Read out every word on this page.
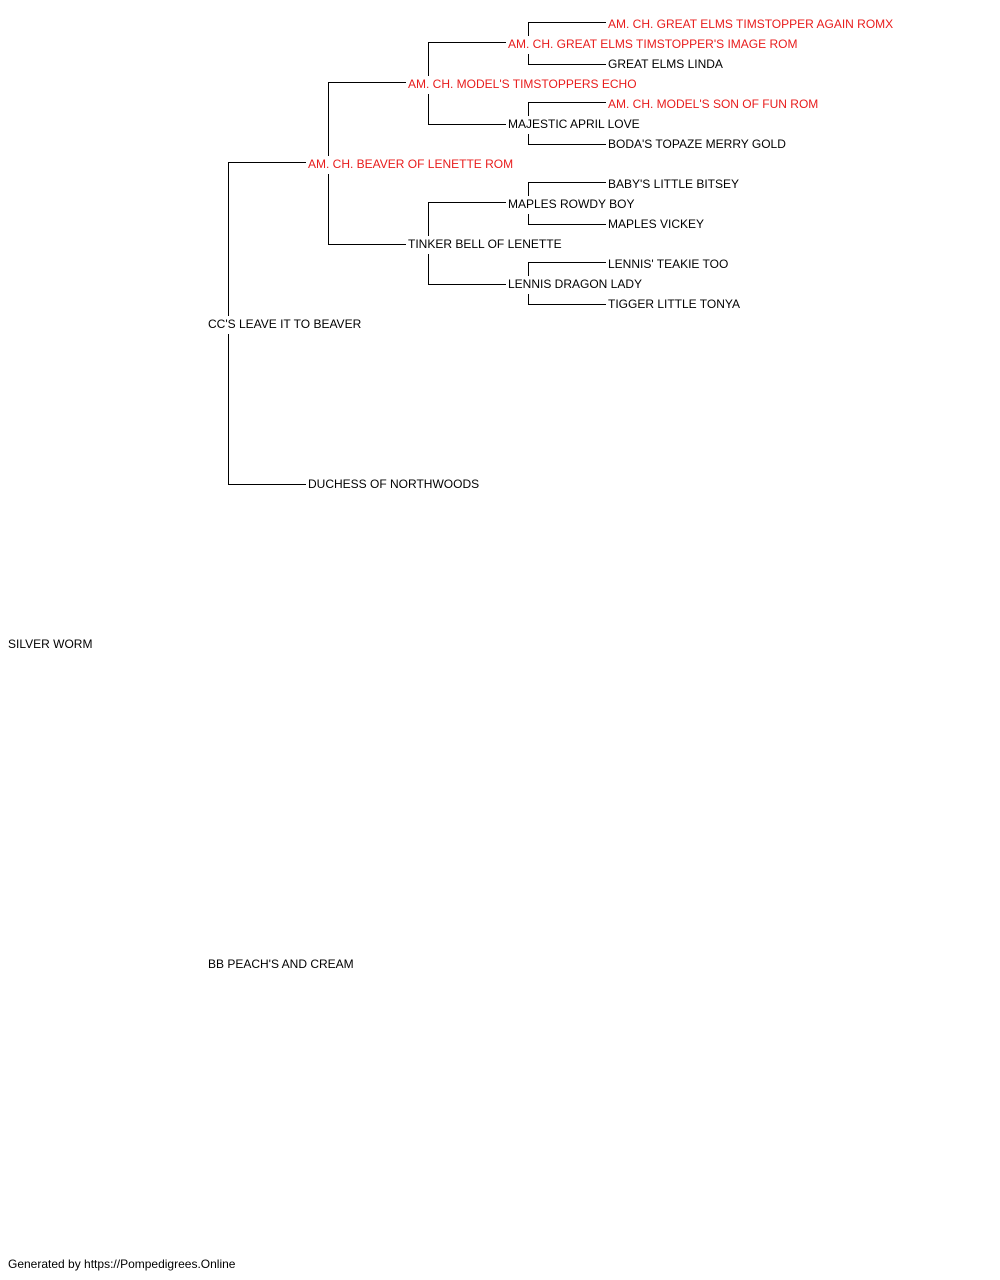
SILVER WORM
CC'S LEAVE IT TO BEAVER
BB PEACH'S AND CREAM
AM. CH. BEAVER OF LENETTE ROM
DUCHESS OF NORTHWOODS
AM. CH. MODEL'S TIMSTOPPERS ECHO
TINKER BELL OF LENETTE
AM. CH. GREAT ELMS TIMSTOPPER'S IMAGE ROM
MAJESTIC APRIL LOVE
MAPLES ROWDY BOY
LENNIS DRAGON LADY
AM. CH. GREAT ELMS TIMSTOPPER AGAIN ROMX
GREAT ELMS LINDA
AM. CH. MODEL'S SON OF FUN ROM
BODA'S TOPAZE MERRY GOLD
BABY'S LITTLE BITSEY
MAPLES VICKEY
LENNIS' TEAKIE TOO
TIGGER LITTLE TONYA
Generated by https://Pompedigrees.Online
